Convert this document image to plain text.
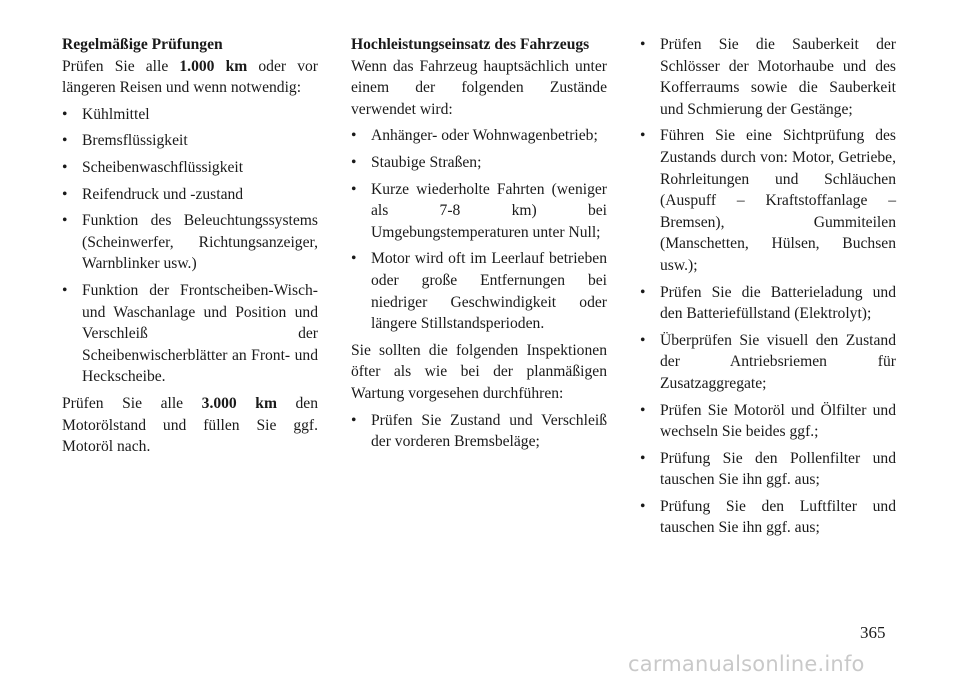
Regelmäßige Prüfungen

Prüfen Sie alle 1.000 km oder vor längeren Reisen und wenn notwendig:

• Kühlmittel
• Bremsflüssigkeit
• Scheibenwaschflüssigkeit
• Reifendruck und -zustand
• Funktion des Beleuchtungssystems (Scheinwerfer, Richtungsanzeiger, Warnblinker usw.)
• Funktion der Frontscheiben-Wisch- und Waschanlage und Position und Verschleiß der Scheibenwischerblätter an Front- und Heckscheibe.

Prüfen Sie alle 3.000 km den Motorölstand und füllen Sie ggf. Motoröl nach.

Hochleistungseinsatz des Fahrzeugs

Wenn das Fahrzeug hauptsächlich unter einem der folgenden Zustände verwendet wird:

• Anhänger- oder Wohnwagenbetrieb;
• Staubige Straßen;
• Kurze wiederholte Fahrten (weniger als 7-8 km) bei Umgebungstemperaturen unter Null;
• Motor wird oft im Leerlauf betrieben oder große Entfernungen bei niedriger Geschwindigkeit oder längere Stillstandsperioden.

Sie sollten die folgenden Inspektionen öfter als wie bei der planmäßigen Wartung vorgesehen durchführen:

• Prüfen Sie Zustand und Verschleiß der vorderen Bremsbeläge;
• Prüfen Sie die Sauberkeit der Schlösser der Motorhaube und des Kofferraums sowie die Sauberkeit und Schmierung der Gestänge;
• Führen Sie eine Sichtprüfung des Zustands durch von: Motor, Getriebe, Rohrleitungen und Schläuchen (Auspuff – Kraftstoffanlage – Bremsen), Gummiteilen (Manschetten, Hülsen, Buchsen usw.);
• Prüfen Sie die Batterieladung und den Batteriefüllstand (Elektrolyt);
• Überprüfen Sie visuell den Zustand der Antriebsriemen für Zusatzaggregate;
• Prüfen Sie Motoröl und Ölfilter und wechseln Sie beides ggf.;
• Prüfung Sie den Pollenfilter und tauschen Sie ihn ggf. aus;
• Prüfung Sie den Luftfilter und tauschen Sie ihn ggf. aus;
365
carmanualsonline.info
